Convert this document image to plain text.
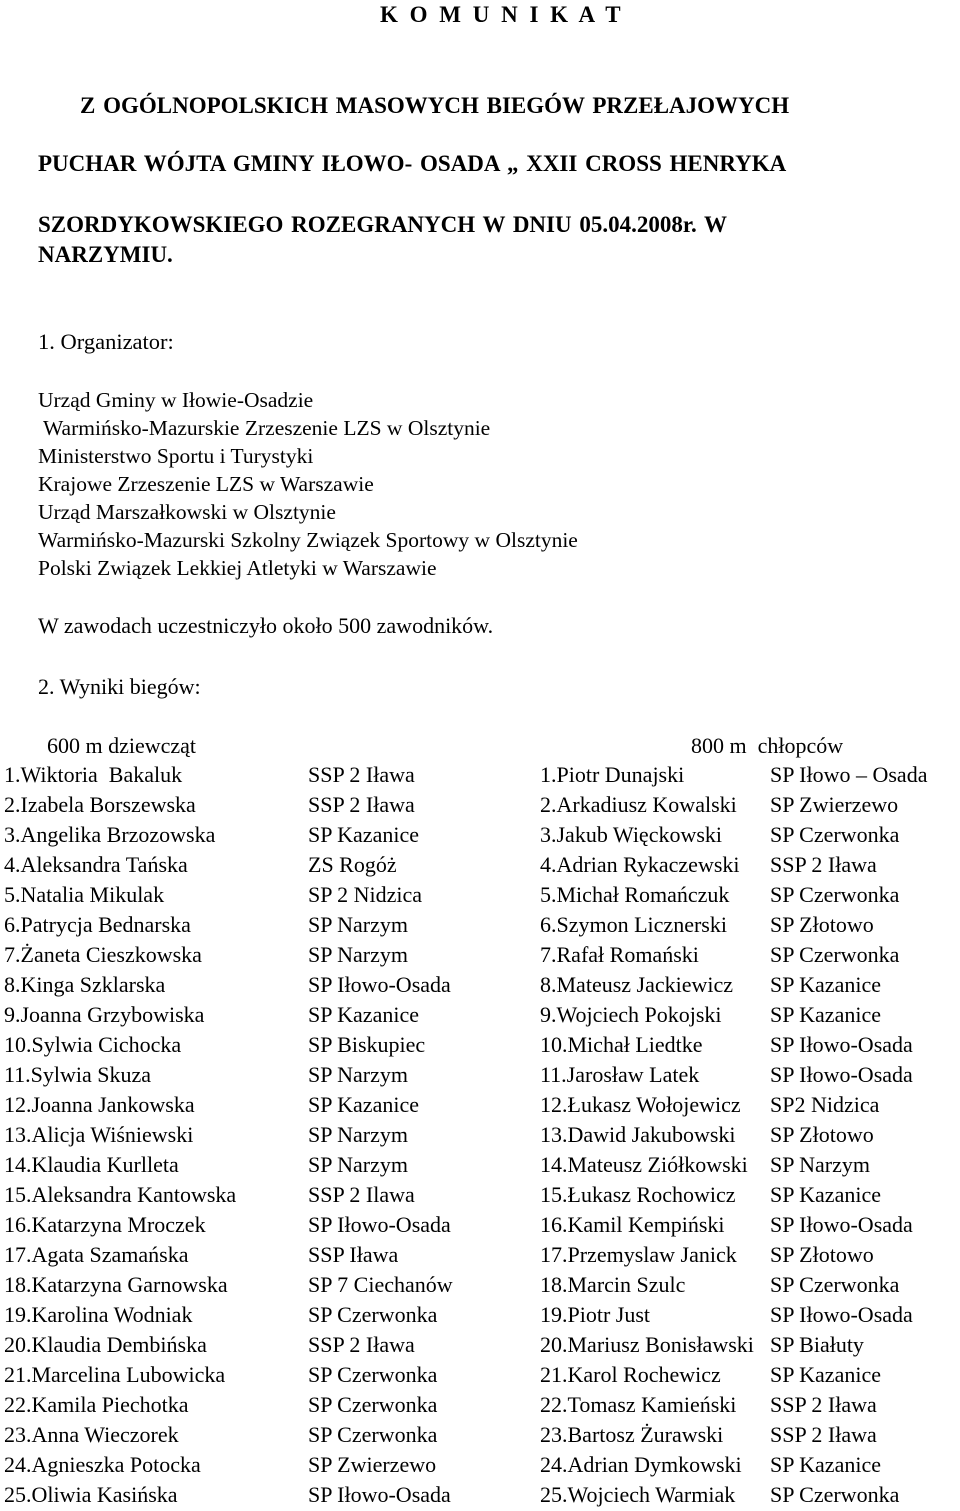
K O M U N I K A T
Z OGÓLNOPOLSKICH MASOWYCH BIEGÓW PRZEŁAJOWYCH
PUCHAR WÓJTA GMINY IŁOWO- OSADA „ XXII CROSS HENRYKA
SZORDYKOWSKIEGO ROZEGRANYCH W DNIU 05.04.2008r. W
NARZYMIU.
1. Organizator:
Urząd Gminy w Iłowie-Osadzie
Warmińsko-Mazurskie Zrzeszenie LZS w Olsztynie
Ministerstwo Sportu i Turystyki
Krajowe Zrzeszenie LZS w Warszawie
Urząd Marszałkowski w Olsztynie
Warmińsko-Mazurski Szkolny Związek Sportowy w Olsztynie
Polski Związek Lekkiej Atletyki w Warszawie
W zawodach uczestniczyło około 500 zawodników.
2. Wyniki biegów:
600 m dziewcząt	800 m  chłopców
1.Wiktoria  Bakaluk	SSP 2 Iława
2.Izabela Borszewska	SSP 2 Iława
3.Angelika Brzozowska	SP Kazanice
4.Aleksandra Tańska	ZS Rogóż
5.Natalia Mikulak	SP 2 Nidzica
6.Patrycja Bednarska	SP Narzym
7.Żaneta Cieszkowska	SP Narzym
8.Kinga Szklarska	SP Iłowo-Osada
9.Joanna Grzybowiska	SP Kazanice
10.Sylwia Cichocka	SP Biskupiec
11.Sylwia Skuza	SP Narzym
12.Joanna Jankowska	SP Kazanice
13.Alicja Wiśniewski	SP Narzym
14.Klaudia Kurlleta	SP Narzym
15.Aleksandra Kantowska	SSP 2 Ilawa
16.Katarzyna Mroczek	SP Iłowo-Osada
17.Agata Szamańska	SSP Iława
18.Katarzyna Garnowska	SP 7 Ciechanów
19.Karolina Wodniak	SP Czerwonka
20.Klaudia Dembińska	SSP 2 Iława
21.Marcelina Lubowicka	SP Czerwonka
22.Kamila Piechotka	SP Czerwonka
23.Anna Wieczorek	SP Czerwonka
24.Agnieszka Potocka	SP Zwierzewo
25.Oliwia Kasińska	SP Iłowo-Osada
1.Piotr Dunajski	SP Iłowo – Osada
2.Arkadiusz Kowalski SP Zwierzewo
3.Jakub Więckowski SP Czerwonka
4.Adrian Rykaczewski SSP 2 Iława
5.Michał Romańczuk SP Czerwonka
6.Szymon Licznerski SP Złotowo
7.Rafał Romański	SP Czerwonka
8.Mateusz Jackiewicz SP Kazanice
9.Wojciech Pokojski SP Kazanice
10.Michał Liedtke	SP Iłowo-Osada
11.Jarosław Latek	SP Iłowo-Osada
12.Łukasz Wołojewicz SP2 Nidzica
13.Dawid Jakubowski SP Złotowo
14.Mateusz Ziółkowski SP Narzym
15.Łukasz Rochowicz SP Kazanice
16.Kamil Kempiński SP Iłowo-Osada
17.Przemyslaw Janick SP Złotowo
18.Marcin Szulc	SP Czerwonka
19.Piotr Just	SP Iłowo-Osada
20.Mariusz Bonisławski SP Białuty
21.Karol Rochewicz SP Kazanice
22.Tomasz Kamieński SSP 2 Iława
23.Bartosz Żurawski SSP 2 Iława
24.Adrian Dymkowski SP Kazanice
25.Wojciech Warmiak SP Czerwonka
